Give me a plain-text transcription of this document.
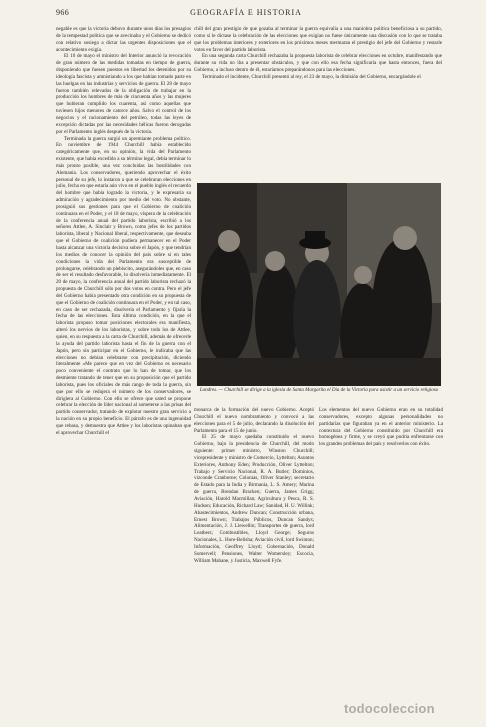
966	GEOGRAFÍA E HISTORIA

negable es que la victoria debuvo durante unos días los presagios de la tempestad política que se avecinaba y el Gobierno se dedicó con relativo sosiego a dictar las urgentes disposiciones que el acontecimiento exigía.

El 10 de mayo el ministro del Interior anunció la revocación de gran número de las medidas tomadas en tiempo de guerra, disponiendo que fuesen puestos en libertad los detenidos por su ideología fascista y amnistiando a los que habían tomado parte en las huelgas en las industrias y servicios de guerra. El 28 de mayo fueron también relevados de la obligación de trabajar en la producción los hombres de más de cincuenta años y las mujeres que hubieran cumplido los cuarenta, así como aquellas que tuviesen hijos menores de catorce años. Salvo el control de los negocios y el racionamiento del petróleo, todas las leyes de excepción dictadas por las necesidades bélicas fueron derogadas por el Parlamento inglés después de la victoria.

Terminada la guerra surgió un apremiante problema político. En noviembre de 1944 Churchill había establecido categóricamente que, en su opinión, la vida del Parlamento existente, que había excedido a su término legal, debía terminar lo más pronto posible, una vez concluidas las hostilidades con Alemania. Los conservadores, queriendo aprovechar el éxito personal de su jefe, lo instaron a que se celebraran elecciones en julio, fecha en que estaría aún vivo en el pueblo inglés el recuerdo del hombre que había logrado la victoria, y le expresaría su admiración y agradecimiento por medio del voto. No obstante, prosiguió sus gestiones para que el Gobierno de coalición continuara en el Poder, y el 18 de mayo, víspera de la celebración de la conferencia anual del partido laborista, escribió a los señores Attlee, A. Sinclair y Brown, como jefes de los partidos laborista, liberal y Nacional liberal, respectivamente, que deseaba que el Gobierno de coalición pudiera permanecer en el Poder hasta alcanzar una victoria decisiva sobre el Japón, y que tendrían los medios de conocer la opinión del país sobre si en tales condiciones la vida del Parlamento era susceptible de prolongarse, celebrando un plebiscito, asegurándoles que, en caso de ser el resultado desfavorable, lo disolvería inmediatamente. El 20 de mayo, la conferencia anual del partido laborista rechazó la propuesta de Churchill sólo por dos votos en contra. Pero el jefe del Gobierno había presentado otra condición en su propuesta de que el Gobierno de coalición continuara en el Poder, y en tal caso, en caso de ser rechazada, disolvería el Parlamento y fijaría la fecha de las elecciones. Esta última condición, en la que el laborista propuso tomar posiciones electorales era manifiesta, alteró los nervios de los laboristas, y sobre todo los de Attlee, quien, en su respuesta a la carta de Churchill, además de ofrecerle la ayuda del partido laborista hasta el fin de la guerra con el Japón, pero sin participar en el Gobierno, le indicaba que las elecciones no debían celebrarse con precipitación, diciendo literalmente «Me parece que en vez del Gobierno es necesario poco conveniente el contrato que lo han de tomar, que los desmiente tratando de tener que en su proposición que el partido laborista, pues los oficiales de más rango de toda la guerra, sin que por ello se redujera el número de los conservadores, se dirigiera al Gobierno. Con ello se ofrece que usted se propone celebrar la elección de líder nacional al someterse a las prisas del partido conservador, tratando de explotar nuestro gran servicio a la nación en su propio beneficio. El párrafo es de una ingenuidad que rebasa, y demuestra que Attlee y los laboristas opinaban que el aprovechar Churchill el

chill del gran prestigio de que gozaba al terminar la guerra equivalía a una maniobra política beneficiosa a su partido, como si le dictase la celebración de las elecciones que exigían no fuese únicamente una discusión con lo que se trataba que los problemas interiores y exteriores en los próximos meses mermaran el prestigio del jefe del Gobierno y restarle votos en favor del partido laborista.

En una segunda carta Churchill rechazaba la propuesta laborista de celebrar elecciones en octubre, manifestando que durante su vida no iba a presentar obstáculos, y que con ello esa fecha significaría que hasta entonces, fuera del Gobierno, a incluso dentro de él, estaríamos preparándonos para las elecciones.

Terminado el incidente, Churchill presentó al rey, el 23 de mayo, la dimisión del Gobierno, encargándole el

Londres. — Churchill se dirige a la iglesia de Santa Margarita el Día de la Victoria para asistir a un servicio religioso

monarca de la formación del nuevo Gobierno. Aceptó Churchill el nuevo nombramiento y convocó a las elecciones para el 5 de julio, declarando la disolución del Parlamento para el 15 de junio.

El 25 de mayo quedaba constituido el nuevo Gobierno, bajo la presidencia de Churchill, del modo siguiente: primer ministro, Winston Churchill; vicepresidente y ministro de Comercio, Lyttelton; Asuntos Exteriores, Anthony Eden; Producción, Oliver Lyttelton; Trabajo y Servicio Nacional, R. A. Butler; Dominios, vizconde Cranborne; Colonias, Oliver Stanley; secretario de Estado para la India y Birmania, L. S. Amery; Marina de guerra, Brendan Bracken; Guerra, James Grigg; Aviación, Harold Macmillan; Agricultura y Pesca, R. S. Hudson; Educación, Richard Law; Sanidad, H. U. Willink; Abastecimientos, Andrew Duncan; Construcción urbana, Ernest Brown; Trabajos Públicos, Duncan Sandys; Alimentación, J. J. Llewellin; Transportes de guerra, lord Leathers; Combustibles, Lloyd George; Seguros Nacionales, L. Hore-Belisha; Aviación civil, lord Swinton; Información, Geoffrey Lloyd; Gobernación, Donald Somervell; Pensiones, Walter Womersley; Escocia, William Mabane, y Justicia, Maxwell Fyfe.

Los elementos del nuevo Gobierno eran en su totalidad conservadores, excepto algunas personalidades no partidarias que figuraban ya en el anterior ministerio. La contextura del Gobierno constituido por Churchill era homogénea y firme, y se creyó que podría enfrentarse con los grandes problemas del país y resolverlos con éxito.

todocoleccion
